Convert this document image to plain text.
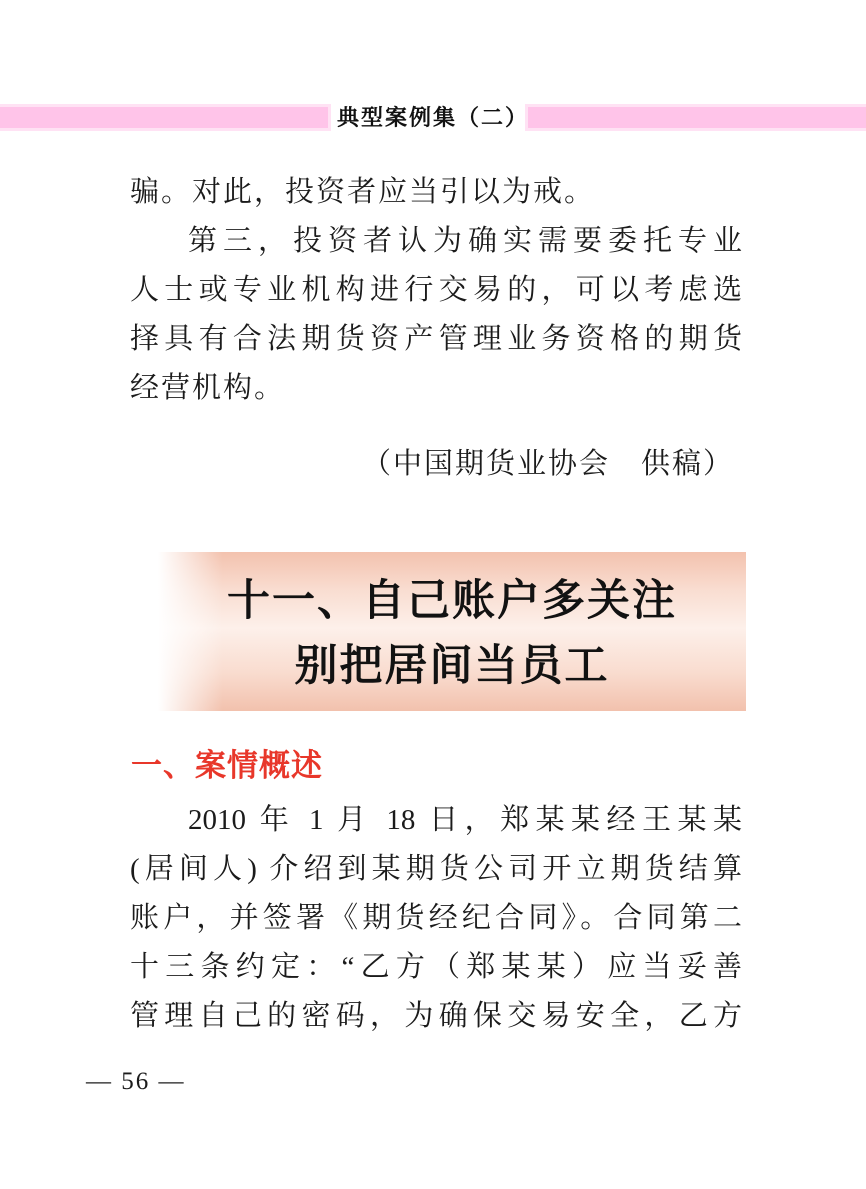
典型案例集（二）
骗。对此，投资者应当引以为戒。
第三，投资者认为确实需要委托专业
人士或专业机构进行交易的，可以考虑选
择具有合法期货资产管理业务资格的期货
经营机构。
（中国期货业协会　供稿）
十一、自己账户多关注
别把居间当员工
一、案情概述
2010 年 1 月 18 日，郑某某经王某某
(居间人) 介绍到某期货公司开立期货结算
账户，并签署《期货经纪合同》。合同第二
十三条约定：“乙方（郑某某）应当妥善
管理自己的密码，为确保交易安全，乙方
— 56 —
